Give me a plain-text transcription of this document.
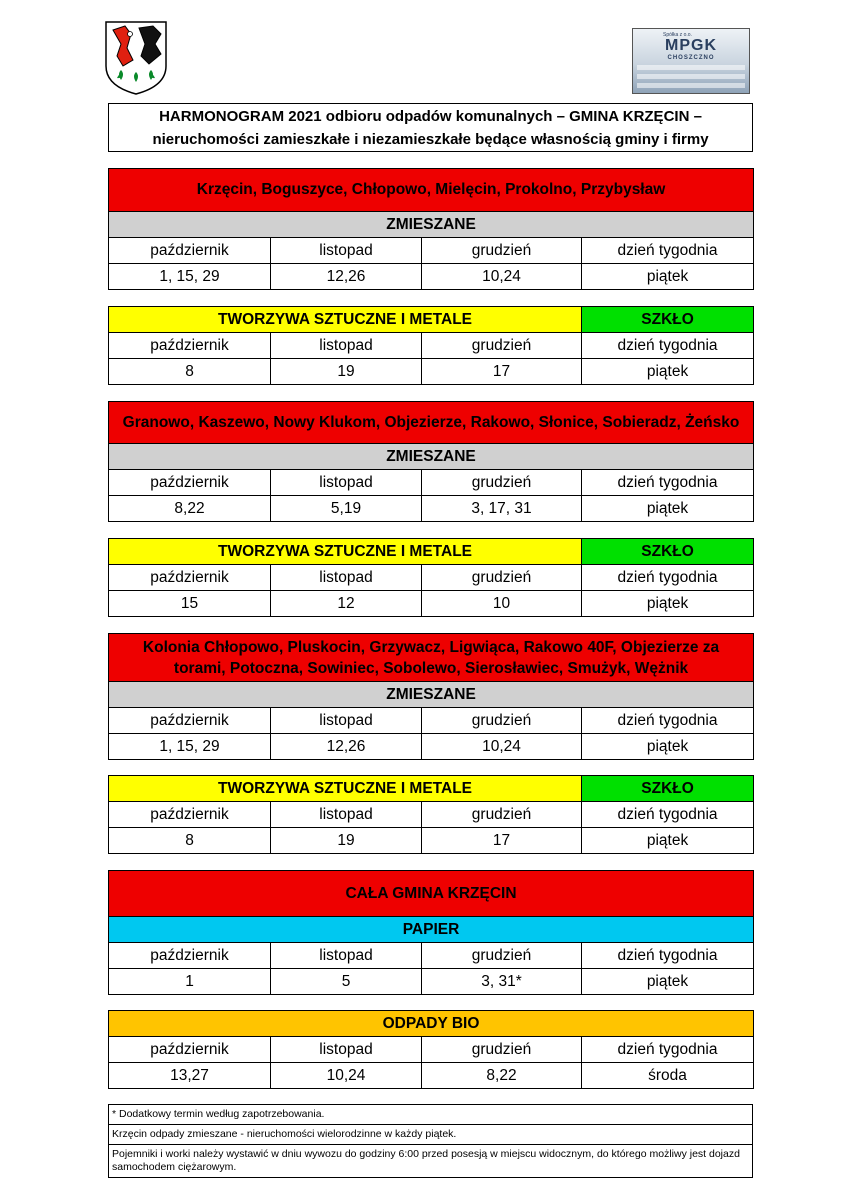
Spółka z o.o.
MPGK
CHOSZCZNO
HARMONOGRAM 2021 odbioru odpadów komunalnych – GMINA KRZĘCIN –
nieruchomości zamieszkałe i niezamieszkałe będące własnością gminy i firmy
Krzęcin, Boguszyce, Chłopowo, Mielęcin, Prokolno, Przybysław			
ZMIESZANE			
październik	listopad	grudzień	dzień tygodnia
1, 15, 29	12,26	10,24	piątek
TWORZYWA SZTUCZNE I METALE			SZKŁO
październik	listopad	grudzień	dzień tygodnia
8	19	17	piątek
Granowo, Kaszewo, Nowy Klukom, Objezierze, Rakowo, Słonice, Sobieradz, Żeńsko			
ZMIESZANE			
październik	listopad	grudzień	dzień tygodnia
8,22	5,19	3, 17, 31	piątek
TWORZYWA SZTUCZNE I METALE			SZKŁO
październik	listopad	grudzień	dzień tygodnia
15	12	10	piątek
Kolonia Chłopowo, Pluskocin, Grzywacz, Ligwiąca, Rakowo 40F, Objezierze za
torami, Potoczna, Sowiniec, Sobolewo, Sierosławiec, Smużyk, Wężnik			

ZMIESZANE			
październik	listopad	grudzień	dzień tygodnia
1, 15, 29	12,26	10,24	piątek
TWORZYWA SZTUCZNE I METALE			SZKŁO
październik	listopad	grudzień	dzień tygodnia
8	19	17	piątek
CAŁA GMINA KRZĘCIN			
PAPIER			
październik	listopad	grudzień	dzień tygodnia
1	5	3, 31*	piątek
ODPADY BIO			
październik	listopad	grudzień	dzień tygodnia
13,27	10,24	8,22	środa
* Dodatkowy termin według zapotrzebowania.
Krzęcin odpady zmieszane - nieruchomości wielorodzinne w każdy piątek.
Pojemniki i worki należy wystawić w dniu wywozu do godziny 6:00 przed posesją w miejscu widocznym, do którego możliwy jest dojazd samochodem ciężarowym.
